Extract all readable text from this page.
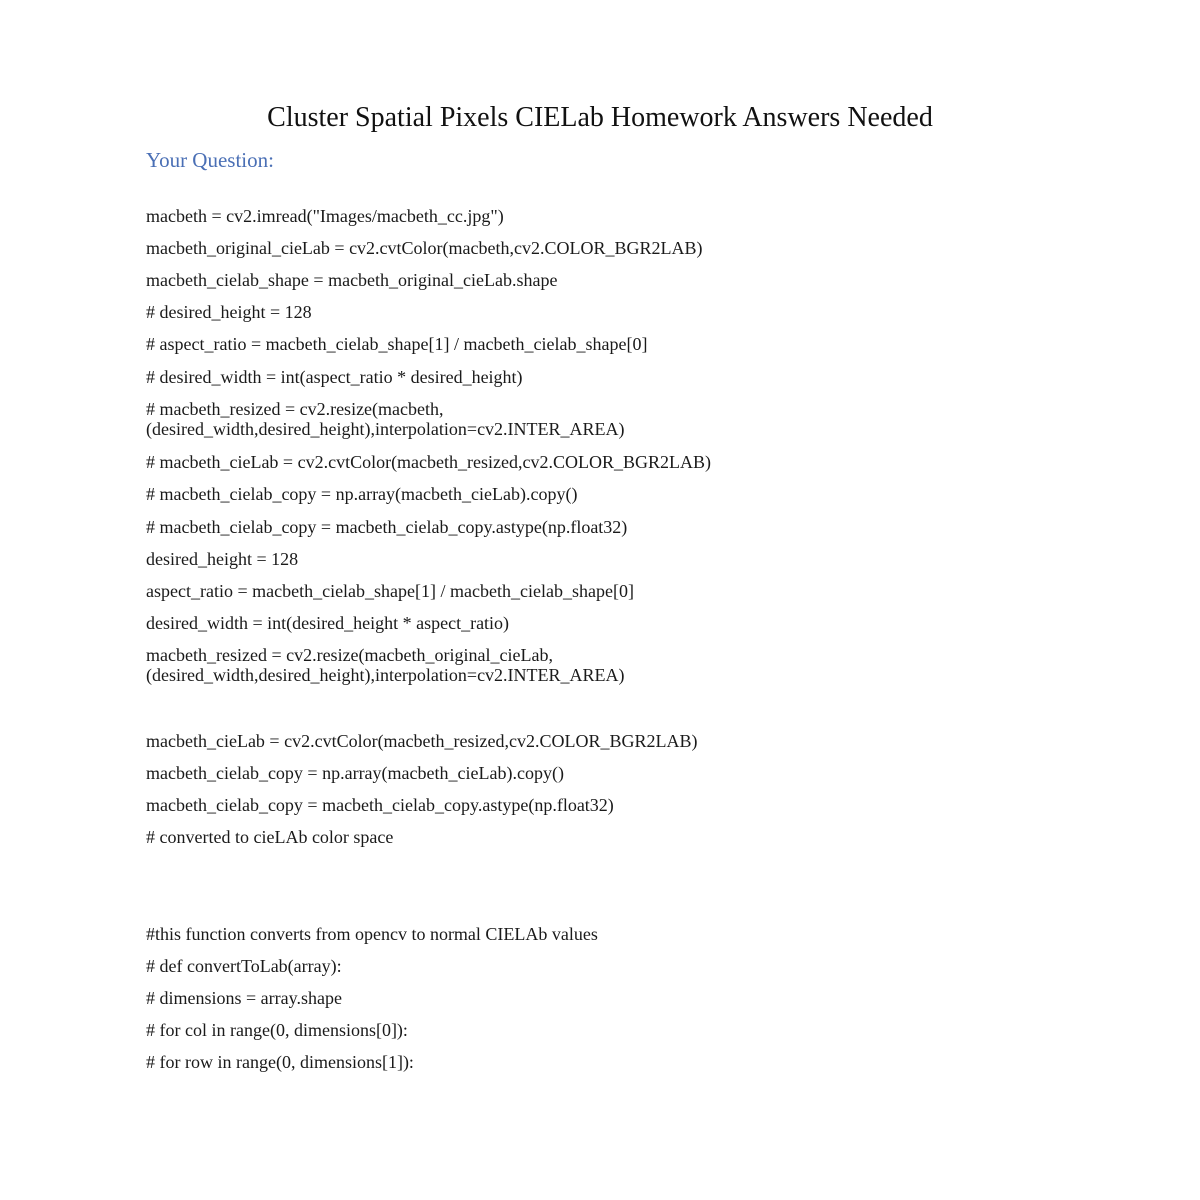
Cluster Spatial Pixels CIELab Homework Answers Needed
Your Question:
macbeth = cv2.imread("Images/macbeth_cc.jpg")
macbeth_original_cieLab = cv2.cvtColor(macbeth,cv2.COLOR_BGR2LAB)
macbeth_cielab_shape = macbeth_original_cieLab.shape
# desired_height = 128
# aspect_ratio = macbeth_cielab_shape[1] / macbeth_cielab_shape[0]
# desired_width = int(aspect_ratio * desired_height)
# macbeth_resized = cv2.resize(macbeth,
(desired_width,desired_height),interpolation=cv2.INTER_AREA)
# macbeth_cieLab = cv2.cvtColor(macbeth_resized,cv2.COLOR_BGR2LAB)
# macbeth_cielab_copy = np.array(macbeth_cieLab).copy()
# macbeth_cielab_copy = macbeth_cielab_copy.astype(np.float32)
desired_height = 128
aspect_ratio = macbeth_cielab_shape[1] / macbeth_cielab_shape[0]
desired_width = int(desired_height * aspect_ratio)
macbeth_resized = cv2.resize(macbeth_original_cieLab,
(desired_width,desired_height),interpolation=cv2.INTER_AREA)
macbeth_cieLab = cv2.cvtColor(macbeth_resized,cv2.COLOR_BGR2LAB)
macbeth_cielab_copy = np.array(macbeth_cieLab).copy()
macbeth_cielab_copy = macbeth_cielab_copy.astype(np.float32)
# converted to cieLAb color space
#this function converts from opencv to normal CIELAb values
# def convertToLab(array):
# dimensions = array.shape
# for col in range(0, dimensions[0]):
# for row in range(0, dimensions[1]):
